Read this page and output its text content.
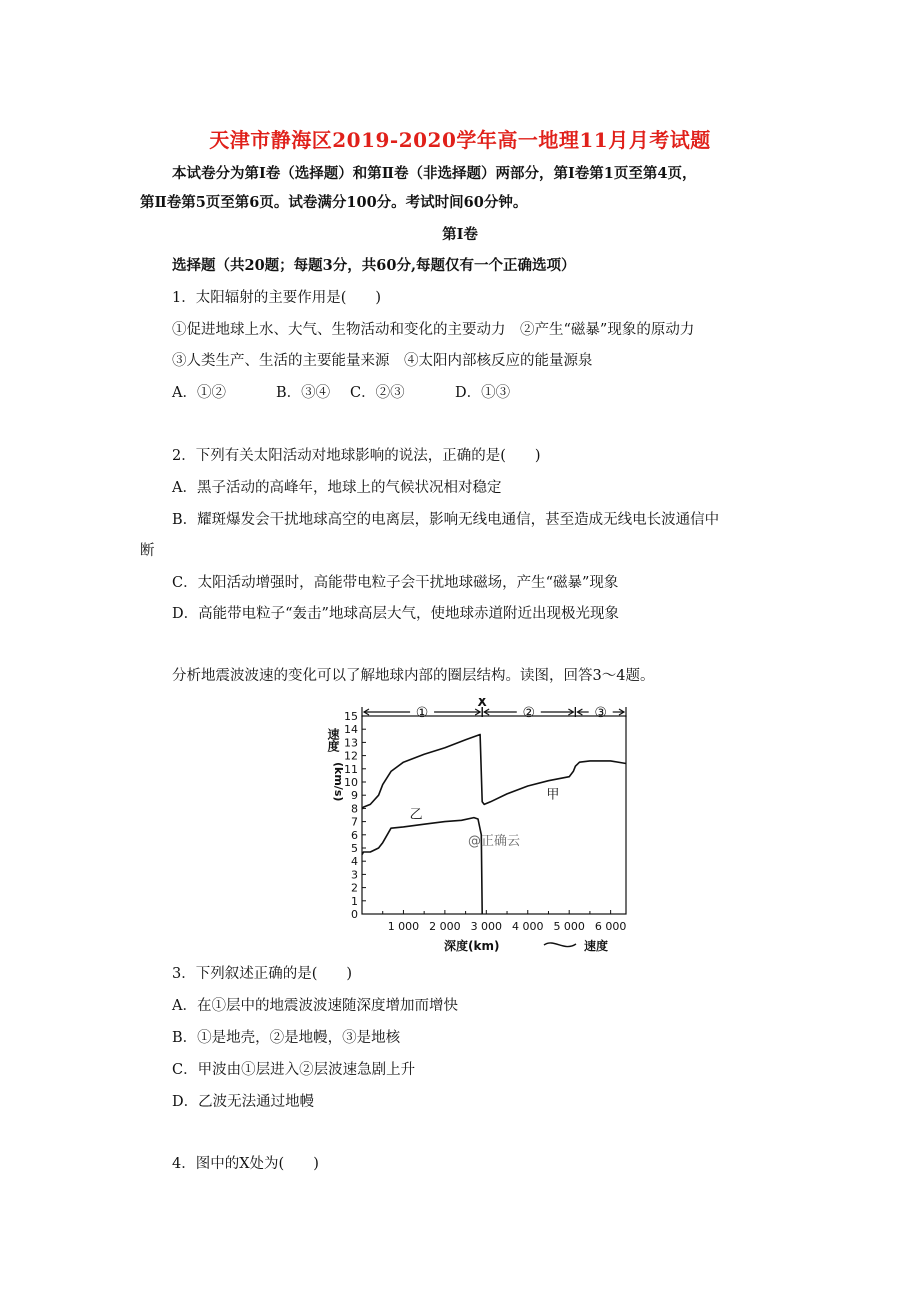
天津市静海区2019-2020学年高一地理11月月考试题
本试卷分为第Ⅰ卷（选择题）和第Ⅱ卷（非选择题）两部分，第Ⅰ卷第1页至第4页，
第Ⅱ卷第5页至第6页。试卷满分100分。考试时间60分钟。
第Ⅰ卷
选择题（共20题；每题3分，共60分,每题仅有一个正确选项）
1．太阳辐射的主要作用是(　　)
①促进地球上水、大气、生物活动和变化的主要动力　②产生“磁暴”现象的原动力
③人类生产、生活的主要能量来源　④太阳内部核反应的能量源泉
A．①②	B．③④ C．②③	D．①③
2．下列有关太阳活动对地球影响的说法，正确的是(　　)
A．黑子活动的高峰年，地球上的气候状况相对稳定
B．耀斑爆发会干扰地球高空的电离层，影响无线电通信，甚至造成无线电长波通信中
断
C．太阳活动增强时，高能带电粒子会干扰地球磁场，产生“磁暴”现象
D．高能带电粒子“轰击”地球高层大气，使地球赤道附近出现极光现象
分析地震波波速的变化可以了解地球内部的圈层结构。读图，回答3～4题。
①
X
②	③
0
1
2
3
4
5
6
7
8
9
10
11
12
13
14
15
1 000 2 000 3 000 4 000 5 000 6 000
甲
乙
速度
(km/s)
@正确云
深度(km)	速度
3．下列叙述正确的是(　　)
A．在①层中的地震波波速随深度增加而增快
B．①是地壳，②是地幔，③是地核
C．甲波由①层进入②层波速急剧上升
D．乙波无法通过地幔
4．图中的X处为(　　)
